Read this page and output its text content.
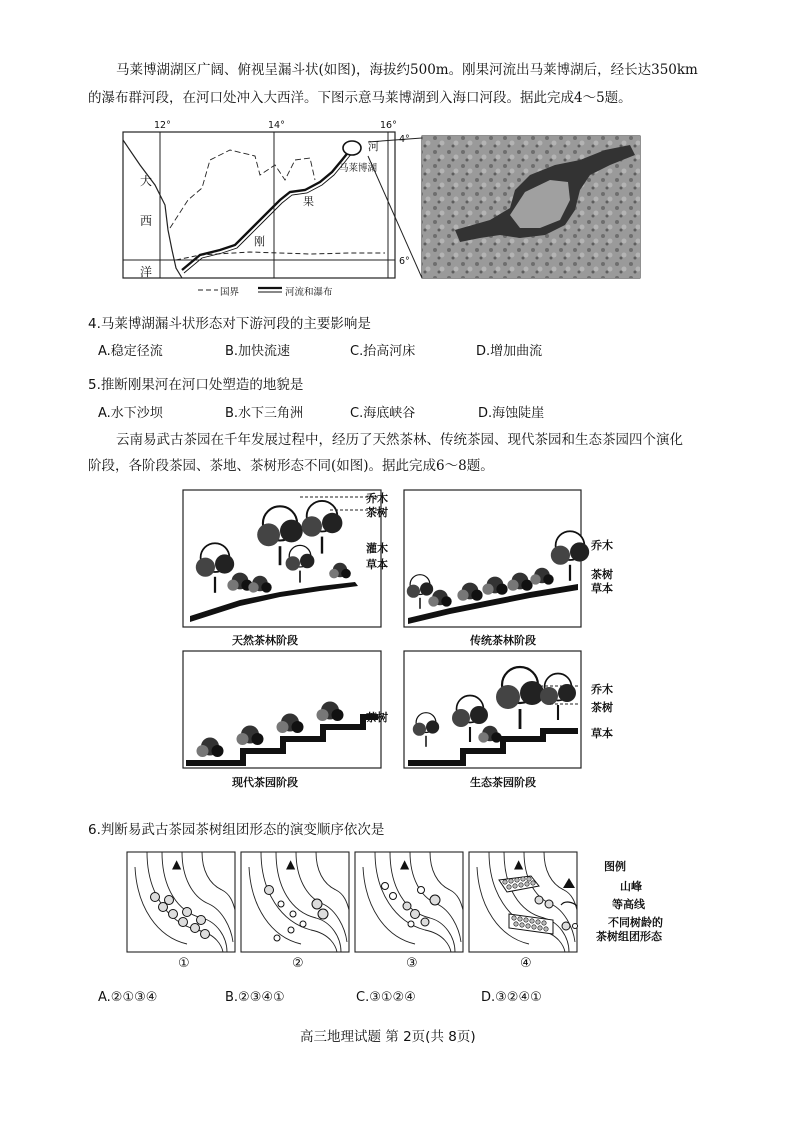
马莱博湖湖区广阔、俯视呈漏斗状(如图)，海拔约500m。刚果河流出马莱博湖后，经长达350km
的瀑布群河段，在河口处冲入大西洋。下图示意马莱博湖到入海口河段。据此完成4～5题。
12°	14°	16°
4°
6°
大
西
洋
河
果
刚
马莱博湖
国界	河流和瀑布
4.马莱博湖漏斗状形态对下游河段的主要影响是
A.稳定径流	B.加快流速	C.抬高河床	D.增加曲流
5.推断刚果河在河口处塑造的地貌是
A.水下沙坝	B.水下三角洲	C.海底峡谷	D.海蚀陡崖
云南易武古茶园在千年发展过程中，经历了天然茶林、传统茶园、现代茶园和生态茶园四个演化
阶段，各阶段茶园、茶地、茶树形态不同(如图)。据此完成6～8题。
乔木
茶树
灌木
草本
乔木
茶树
草本
茶树
乔木
茶树
草本
天然茶林阶段	传统茶林阶段
现代茶园阶段	生态茶园阶段
6.判断易武古茶园茶树组团形态的演变顺序依次是
▲	▲	▲	▲
①	②	③	④
图例
山峰
等高线
不同树龄的
茶树组团形态
A.②①③④	B.②③④①	C.③①②④	D.③②④①
高三地理试题 第 2页(共 8页)
